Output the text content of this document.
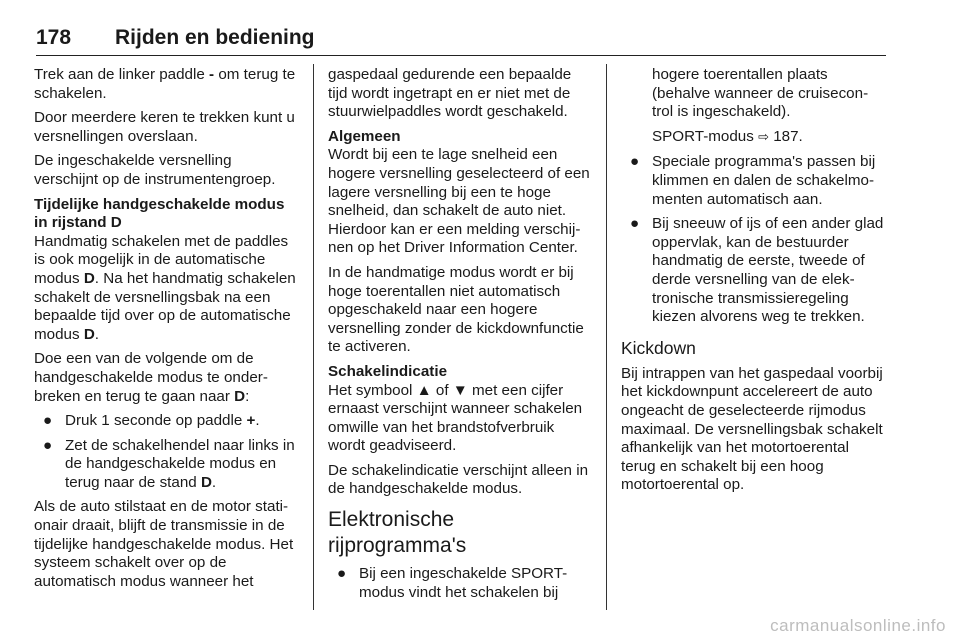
178 Rijden en bediening

Trek aan de linker paddle - om terug te schakelen.

Door meerdere keren te trekken kunt u versnellingen overslaan.

De ingeschakelde versnelling verschijnt op de instrumentengroep.

Tijdelijke handgeschakelde modus in rijstand D

Handmatig schakelen met de paddles is ook mogelijk in de automatische modus D. Na het handmatig schakelen schakelt de versnellingsbak na een bepaalde tijd over op de automatische modus D.

Doe een van de volgende om de handgeschakelde modus te onderbreken en terug te gaan naar D:

● Druk 1 seconde op paddle +.
● Zet de schakelhendel naar links in de handgeschakelde modus en terug naar de stand D.

Als de auto stilstaat en de motor stationair draait, blijft de transmissie in de tijdelijke handgeschakelde modus. Het systeem schakelt over op de automatisch modus wanneer het

gaspedaal gedurende een bepaalde tijd wordt ingetrapt en er niet met de stuurwielpaddles wordt geschakeld.

Algemeen

Wordt bij een te lage snelheid een hogere versnelling geselecteerd of een lagere versnelling bij een te hoge snelheid, dan schakelt de auto niet. Hierdoor kan er een melding verschijnen op het Driver Information Center.

In de handmatige modus wordt er bij hoge toerentallen niet automatisch opgeschakeld naar een hogere versnelling zonder de kickdownfunctie te activeren.

Schakelindicatie

Het symbool ▲ of ▼ met een cijfer ernaast verschijnt wanneer schakelen omwille van het brandstofverbruik wordt geadviseerd.

De schakelindicatie verschijnt alleen in de handgeschakelde modus.

Elektronische rijprogramma's

● Bij een ingeschakelde SPORT-modus vindt het schakelen bij
hogere toerentallen plaats (behalve wanneer de cruisecontrol is ingeschakeld).
SPORT-modus ⇨ 187.
● Speciale programma's passen bij klimmen en dalen de schakelmomenten automatisch aan.
● Bij sneeuw of ijs of een ander glad oppervlak, kan de bestuurder handmatig de eerste, tweede of derde versnelling van de elektronische transmissieregeling kiezen alvorens weg te trekken.

Kickdown

Bij intrappen van het gaspedaal voorbij het kickdownpunt accelereert de auto ongeacht de geselecteerde rijmodus maximaal. De versnellingsbak schakelt afhankelijk van het motortoerental terug en schakelt bij een hoog motortoerental op.

carmanualsonline.info
